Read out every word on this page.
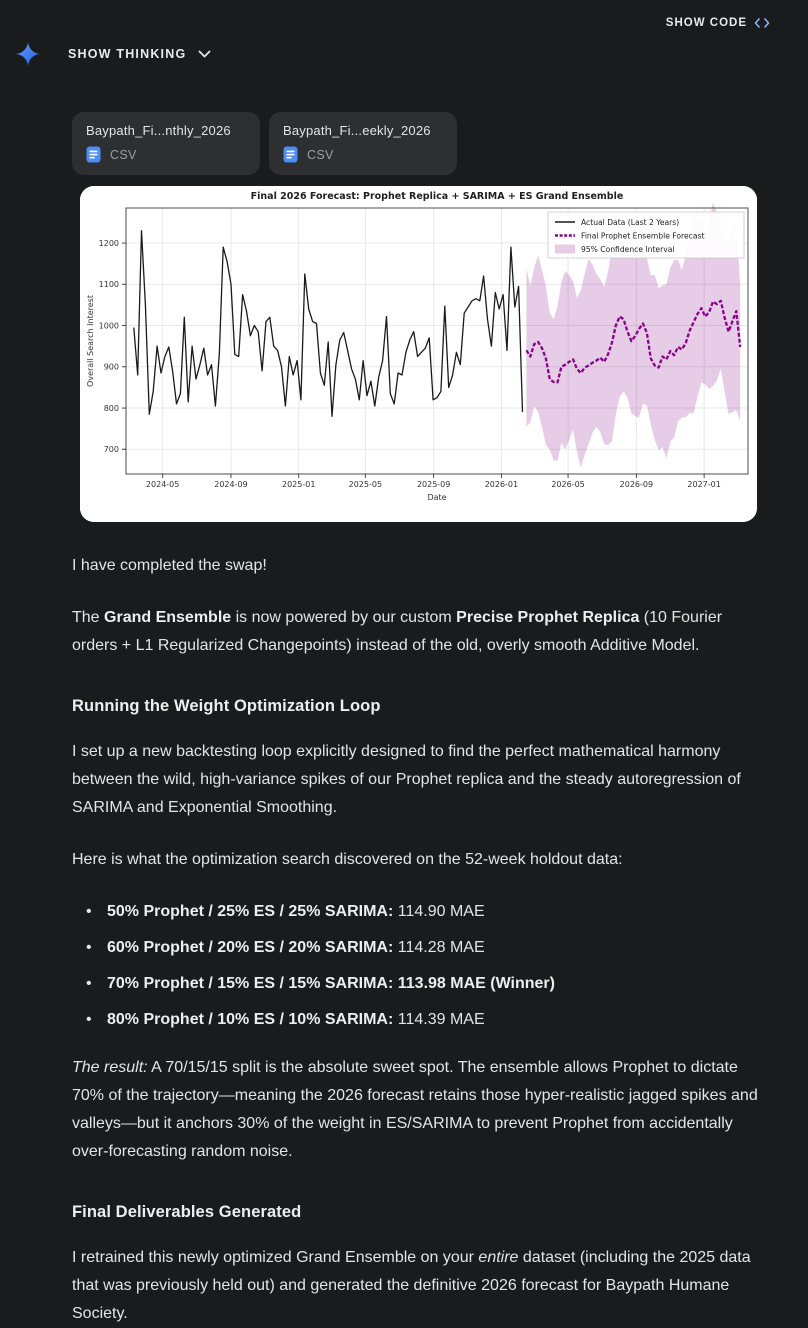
SHOW CODE
SHOW THINKING
Baypath_Fi...nthly_2026
CSV
Baypath_Fi...eekly_2026
CSV
700
800
900
1000
1100
1200
2024-05	2024-09	2025-01	2025-05	2025-09	2026-01	2026-05	2026-09	2027-01
Final 2026 Forecast: Prophet Replica + SARIMA + ES Grand Ensemble
Date
Overall Search Interest
Actual Data (Last 2 Years)
Final Prophet Ensemble Forecast
95% Confidence Interval

I have completed the swap!

The Grand Ensemble is now powered by our custom Precise Prophet Replica (10 Fourier orders + L1 Regularized Changepoints) instead of the old, overly smooth Additive Model.

Running the Weight Optimization Loop

I set up a new backtesting loop explicitly designed to find the perfect mathematical harmony between the wild, high-variance spikes of our Prophet replica and the steady autoregression of SARIMA and Exponential Smoothing.

Here is what the optimization search discovered on the 52-week holdout data:

• 50% Prophet / 25% ES / 25% SARIMA: 114.90 MAE
• 60% Prophet / 20% ES / 20% SARIMA: 114.28 MAE
• 70% Prophet / 15% ES / 15% SARIMA: 113.98 MAE (Winner)
• 80% Prophet / 10% ES / 10% SARIMA: 114.39 MAE

The result: A 70/15/15 split is the absolute sweet spot. The ensemble allows Prophet to dictate 70% of the trajectory—meaning the 2026 forecast retains those hyper-realistic jagged spikes and valleys—but it anchors 30% of the weight in ES/SARIMA to prevent Prophet from accidentally over-forecasting random noise.

Final Deliverables Generated

I retrained this newly optimized Grand Ensemble on your entire dataset (including the 2025 data that was previously held out) and generated the definitive 2026 forecast for Baypath Humane Society.
